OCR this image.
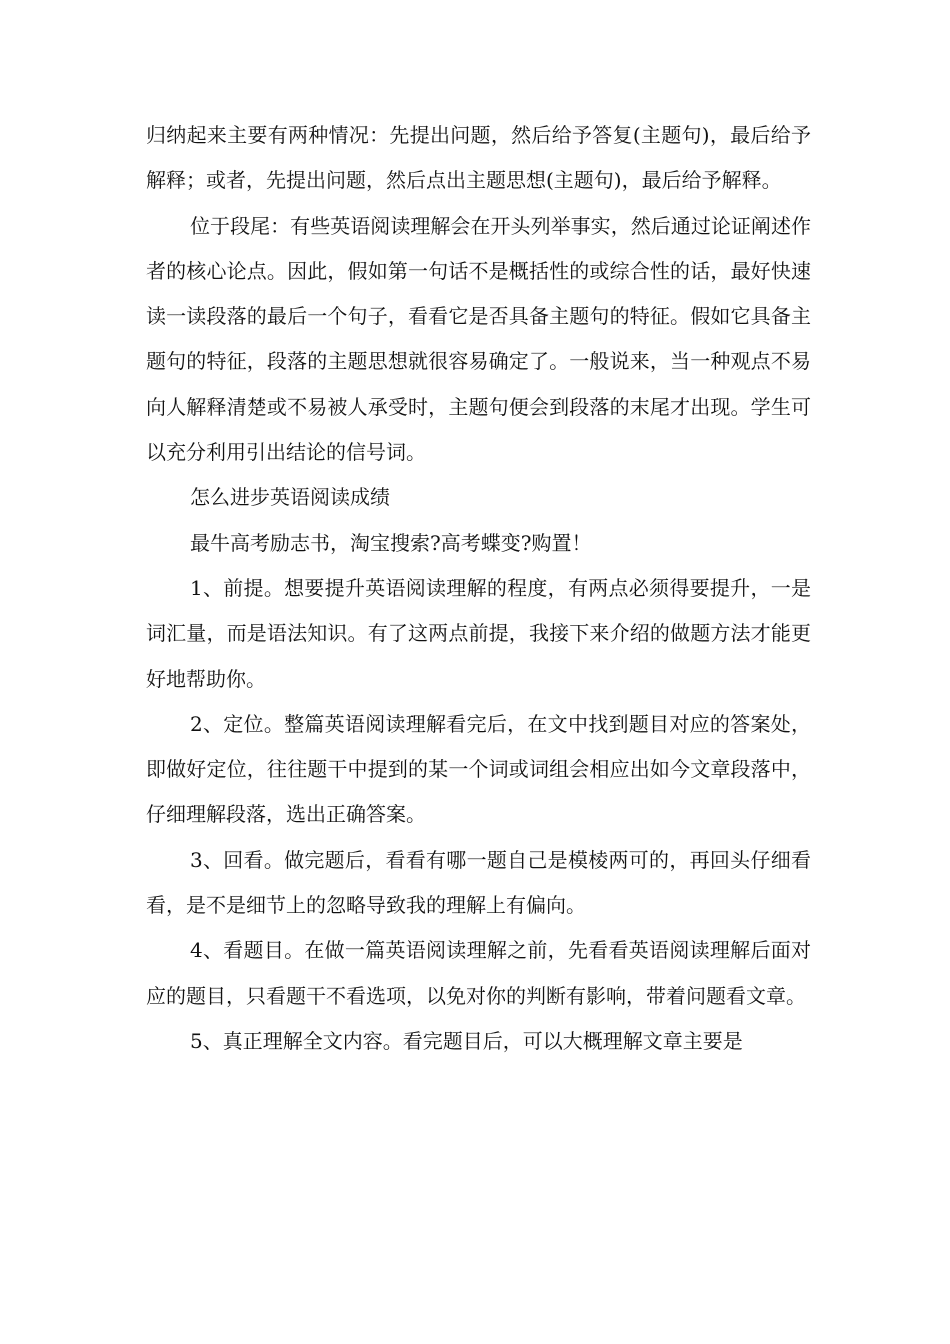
归纳起来主要有两种情况：先提出问题，然后给予答复(主题句)，最后给予解释；或者，先提出问题，然后点出主题思想(主题句)，最后给予解释。

位于段尾：有些英语阅读理解会在开头列举事实，然后通过论证阐述作者的核心论点。因此，假如第一句话不是概括性的或综合性的话，最好快速读一读段落的最后一个句子，看看它是否具备主题句的特征。假如它具备主题句的特征，段落的主题思想就很容易确定了。一般说来，当一种观点不易向人解释清楚或不易被人承受时，主题句便会到段落的末尾才出现。学生可以充分利用引出结论的信号词。

怎么进步英语阅读成绩

最牛高考励志书，淘宝搜索?高考蝶变?购置！

1、前提。想要提升英语阅读理解的程度，有两点必须得要提升，一是词汇量，而是语法知识。有了这两点前提，我接下来介绍的做题方法才能更好地帮助你。

2、定位。整篇英语阅读理解看完后，在文中找到题目对应的答案处，即做好定位，往往题干中提到的某一个词或词组会相应出如今文章段落中，仔细理解段落，选出正确答案。

3、回看。做完题后，看看有哪一题自己是模棱两可的，再回头仔细看看，是不是细节上的忽略导致我的理解上有偏向。

4、看题目。在做一篇英语阅读理解之前，先看看英语阅读理解后面对应的题目，只看题干不看选项，以免对你的判断有影响，带着问题看文章。

5、真正理解全文内容。看完题目后，可以大概理解文章主要是
